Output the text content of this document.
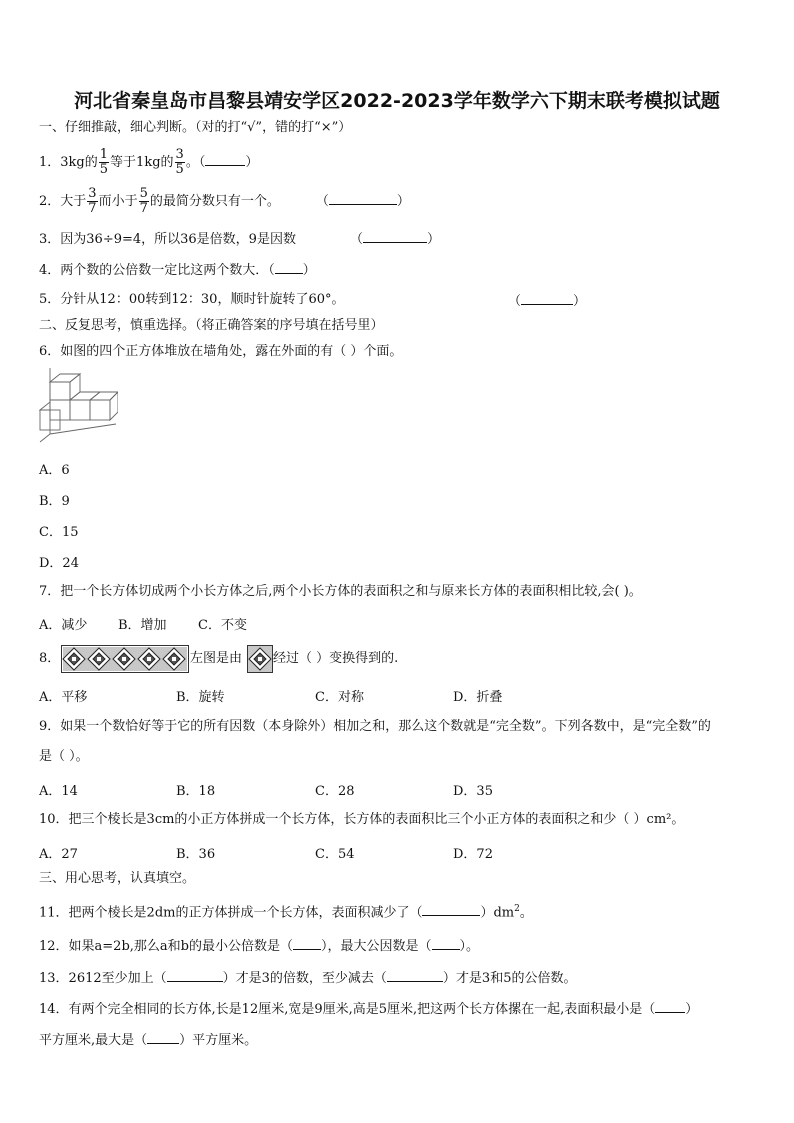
河北省秦皇岛市昌黎县靖安学区2022-2023学年数学六下期末联考模拟试题
一、仔细推敲，细心判断。（对的打“√”，错的打“×”）
1．3kg的 $\frac{1}{5}$ 等于1kg的 $\frac{3}{5}$ 。（	）
2．大于 $\frac{3}{7}$ 而小于 $\frac{5}{7}$ 的最简分数只有一个。	（	）
3．因为36÷9=4，所以36是倍数，9是因数	（	）
4．两个数的公倍数一定比这两个数大．（ ）
5．分针从12：00转到12：30，顺时针旋转了60°。	（	）
二、反复思考，慎重选择。（将正确答案的序号填在括号里）
6．如图的四个正方体堆放在墙角处，露在外面的有（ ）个面。
A．6
B．9
C．15
D．24
7．把一个长方体切成两个小长方体之后,两个小长方体的表面积之和与原来长方体的表面积相比较,会( )。
A．减少 B．增加 C．不变
8．	左图是由 经过（ ）变换得到的.
A．平移	B．旋转	C．对称	D．折叠
9．如果一个数恰好等于它的所有因数（本身除外）相加之和，那么这个数就是“完全数”。下列各数中，是“完全数”的
是（ ）。
A．14	B．18	C．28	D．35
10．把三个棱长是3cm的小正方体拼成一个长方体，长方体的表面积比三个小正方体的表面积之和少（ ）cm²。
A．27	B．36	C．54	D．72
三、用心思考，认真填空。
11．把两个棱长是2dm的正方体拼成一个长方体，表面积减少了（	）$dm^2$。
12．如果a=2b,那么a和b的最小公倍数是（ ），最大公因数是（ ）。
13．2612至少加上（	）才是3的倍数，至少减去（	）才是3和5的公倍数。
14．有两个完全相同的长方体,长是12厘米,宽是9厘米,高是5厘米,把这两个长方体摞在一起,表面积最小是（ ）
平方厘米,最大是（ ）平方厘米。
